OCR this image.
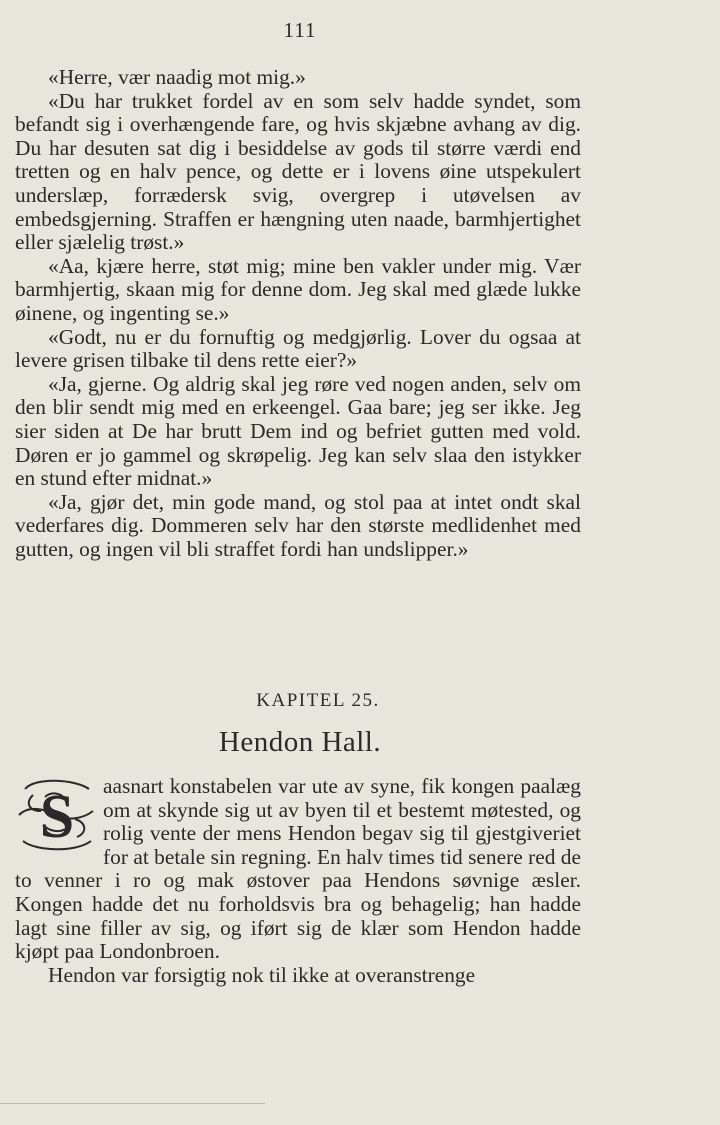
111

«Herre, vær naadig mot mig.»

«Du har trukket fordel av en som selv hadde syndet, som befandt sig i overhængende fare, og hvis skjæbne avhang av dig. Du har desuten sat dig i besiddelse av gods til større værdi end tretten og en halv pence, og dette er i lovens øine utspekulert underslæp, forrædersk svig, overgrep i utøvelsen av embedsgjerning. Straffen er hængning uten naade, barmhjertighet eller sjælelig trøst.»

«Aa, kjære herre, støt mig; mine ben vakler under mig. Vær barmhjertig, skaan mig for denne dom. Jeg skal med glæde lukke øinene, og ingenting se.»

«Godt, nu er du fornuftig og medgjørlig. Lover du ogsaa at levere grisen tilbake til dens rette eier?»

«Ja, gjerne. Og aldrig skal jeg røre ved nogen anden, selv om den blir sendt mig med en erkeengel. Gaa bare; jeg ser ikke. Jeg sier siden at De har brutt Dem ind og befriet gutten med vold. Døren er jo gammel og skrøpelig. Jeg kan selv slaa den istykker en stund efter midnat.»

«Ja, gjør det, min gode mand, og stol paa at intet ondt skal vederfares dig. Dommeren selv har den største medlidenhet med gutten, og ingen vil bli straffet fordi han undslipper.»

KAPITEL 25.
Hendon Hall.
S	aasnart konstabelen var ute av syne, fik kongen paalæg om at skynde sig ut av byen til et bestemt møtested, og rolig vente der mens Hendon begav sig til gjestgiveriet for at betale sin regning. En halv times tid senere red de to venner i ro og mak østover paa Hendons søvnige æsler. Kongen hadde det nu forholdsvis bra og behagelig; han hadde lagt sine filler av sig, og iført sig de klær som Hendon hadde kjøpt paa Londonbroen.

Hendon var forsigtig nok til ikke at overanstrenge
